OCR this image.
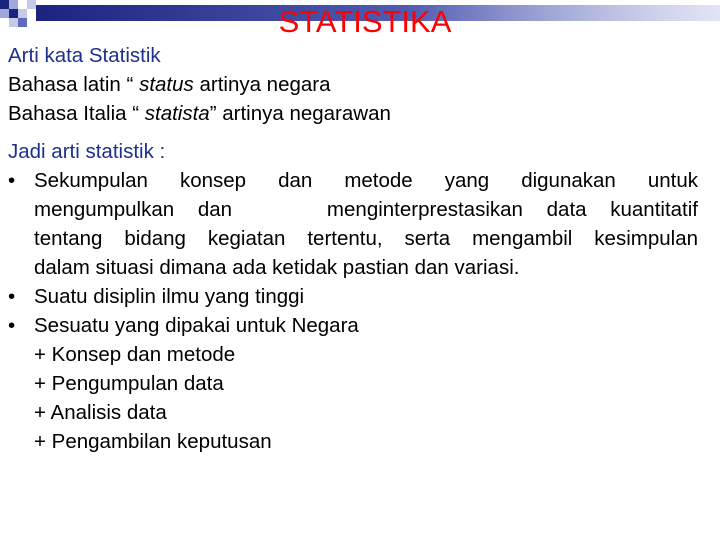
STATISTIKA
Arti kata Statistik
Bahasa latin “ status artinya negara
Bahasa Italia “ statista” artinya negarawan
Jadi arti statistik :
• Sekumpulan konsep dan metode yang digunakan untuk
mengumpulkan dan    menginterprestasikan data kuantitatif
tentang bidang kegiatan tertentu, serta mengambil kesimpulan
dalam situasi dimana ada ketidak pastian dan variasi.
• Suatu disiplin ilmu yang tinggi
• Sesuatu yang dipakai untuk Negara
+ Konsep dan metode
+ Pengumpulan data
+ Analisis data
+ Pengambilan keputusan
